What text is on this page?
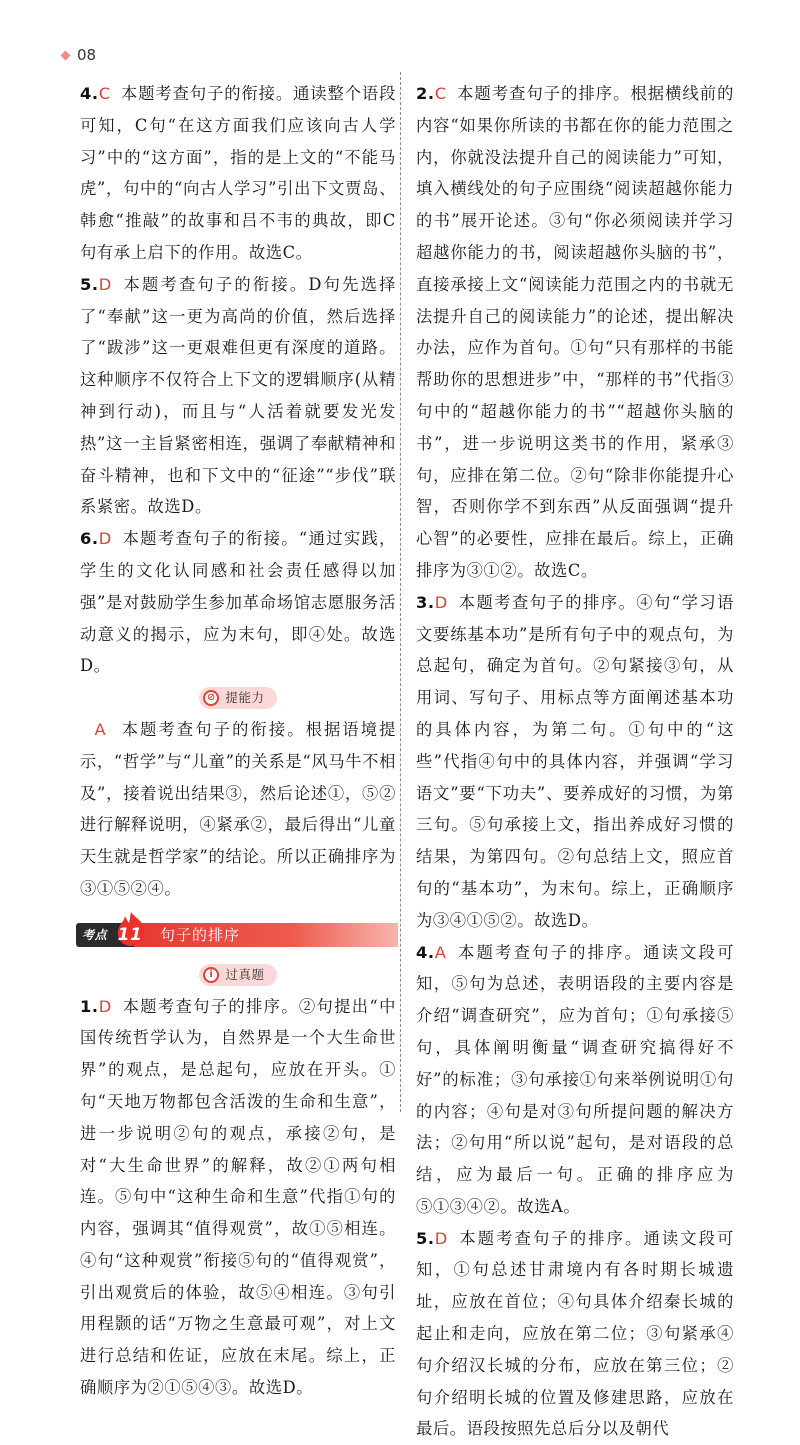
08

4.C 本题考查句子的衔接。通读整个语段可知，C句“在这方面我们应该向古人学习”中的“这方面”，指的是上文的“不能马虎”，句中的“向古人学习”引出下文贾岛、韩愈“推敲”的故事和吕不韦的典故，即C句有承上启下的作用。故选C。

5.D 本题考查句子的衔接。D句先选择了“奉献”这一更为高尚的价值，然后选择了“跋涉”这一更艰难但更有深度的道路。这种顺序不仅符合上下文的逻辑顺序(从精神到行动)，而且与“人活着就要发光发热”这一主旨紧密相连，强调了奉献精神和奋斗精神，也和下文中的“征途”“步伐”联系紧密。故选D。

6.D 本题考查句子的衔接。“通过实践，学生的文化认同感和社会责任感得以加强”是对鼓励学生参加革命场馆志愿服务活动意义的揭示，应为末句，即④处。故选D。

⊘ 提能力

A 本题考查句子的衔接。根据语境提示，“哲学”与“儿童”的关系是“风马牛不相及”，接着说出结果③，然后论述①，⑤②进行解释说明，④紧承②，最后得出“儿童天生就是哲学家”的结论。所以正确排序为③①⑤②④。

考点 11 句子的排序
i 过真题

1.D 本题考查句子的排序。②句提出“中国传统哲学认为，自然界是一个大生命世界”的观点，是总起句，应放在开头。①句“天地万物都包含活泼的生命和生意”，进一步说明②句的观点，承接②句，是对“大生命世界”的解释，故②①两句相连。⑤句中“这种生命和生意”代指①句的内容，强调其“值得观赏”，故①⑤相连。④句“这种观赏”衔接⑤句的“值得观赏”，引出观赏后的体验，故⑤④相连。③句引用程颢的话“万物之生意最可观”，对上文进行总结和佐证，应放在末尾。综上，正确顺序为②①⑤④③。故选D。

2.C 本题考查句子的排序。根据横线前的内容“如果你所读的书都在你的能力范围之内，你就没法提升自己的阅读能力”可知，填入横线处的句子应围绕“阅读超越你能力的书”展开论述。③句“你必须阅读并学习超越你能力的书，阅读超越你头脑的书”，直接承接上文“阅读能力范围之内的书就无法提升自己的阅读能力”的论述，提出解决办法，应作为首句。①句“只有那样的书能帮助你的思想进步”中，“那样的书”代指③句中的“超越你能力的书”“超越你头脑的书”，进一步说明这类书的作用，紧承③句，应排在第二位。②句“除非你能提升心智，否则你学不到东西”从反面强调“提升心智”的必要性，应排在最后。综上，正确排序为③①②。故选C。

3.D 本题考查句子的排序。④句“学习语文要练基本功”是所有句子中的观点句，为总起句，确定为首句。②句紧接③句，从用词、写句子、用标点等方面阐述基本功的具体内容，为第二句。①句中的“这些”代指④句中的具体内容，并强调“学习语文”要“下功夫”、要养成好的习惯，为第三句。⑤句承接上文，指出养成好习惯的结果，为第四句。②句总结上文，照应首句的“基本功”，为末句。综上，正确顺序为③④①⑤②。故选D。

4.A 本题考查句子的排序。通读文段可知，⑤句为总述，表明语段的主要内容是介绍“调查研究”，应为首句；①句承接⑤句，具体阐明衡量“调查研究搞得好不好”的标准；③句承接①句来举例说明①句的内容；④句是对③句所提问题的解决方法；②句用“所以说”起句，是对语段的总结，应为最后一句。正确的排序应为⑤①③④②。故选A。

5.D 本题考查句子的排序。通读文段可知，①句总述甘肃境内有各时期长城遗址，应放在首位；④句具体介绍秦长城的起止和走向，应放在第二位；③句紧承④句介绍汉长城的分布，应放在第三位；②句介绍明长城的位置及修建思路，应放在最后。语段按照先总后分以及朝代
